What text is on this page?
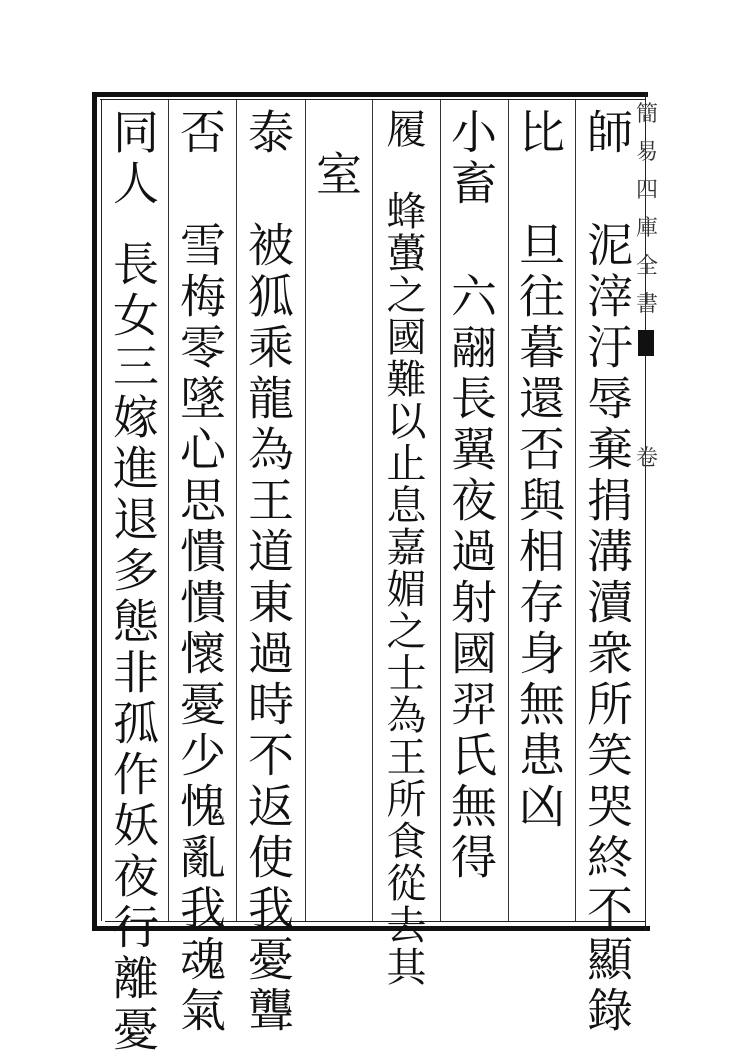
簡
易
四
庫
全
書
卷
師泥滓汙辱棄捐溝瀆衆所笑哭終不顯錄
比旦往暮還否與相存身無患凶
小畜六翮長翼夜過射國羿氏無得
履蜂蠆之國難以止息嘉媚之士為王所食從去其
室
泰被狐乘龍為王道東過時不返使我憂聾
否雪梅零墜心思憒憒懷憂少愧亂我魂氣
同人長女三嫁進退多態非孤作妖夜行離憂
